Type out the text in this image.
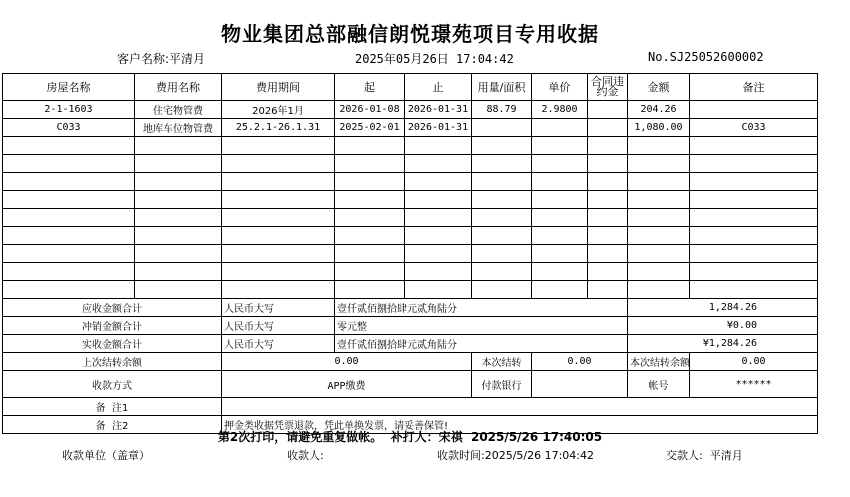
物业集团总部融信朗悦璟苑项目专用收据
客户名称:平清月	2025年05月26日 17:04:42	No.SJ25052600002
房屋名称	费用名称	费用期间	起	止	用量/面积	单价	合同违约金	金额	备注
2-1-1603	住宅物管费	2026年1月	2026-01-08	2026-01-31	88.79	2.9800		204.26	
C033	地库车位物管费	25.2.1-26.1.31	2025-02-01	2026-01-31				1,080.00	C033

应收金额合计		人民币大写	壹仟贰佰捌拾肆元贰角陆分					1,284.26	
冲销金额合计		人民币大写	零元整					¥0.00	
实收金额合计		人民币大写	壹仟贰佰捌拾肆元贰角陆分					¥1,284.26	
上次结转余额		0.00			本次结转	0.00		本次结转余额	0.00
收款方式		APP缴费			付款银行			帐号	******
备  注1									
备  注2		押金类收据凭票退款，凭此单换发票，请妥善保管!							
第2次打印，请避免重复做帐。  补打人：宋祺  2025/5/26 17:40:05
收款单位（盖章）	收款人:	收款时间:2025/5/26 17:04:42	交款人:  平清月
